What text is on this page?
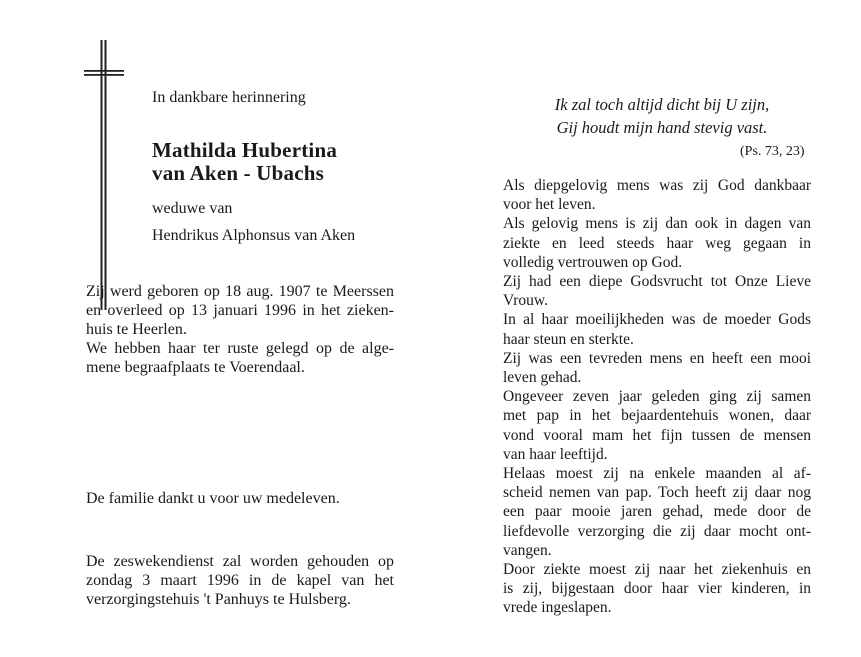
In dankbare herinnering
Mathilda Hubertina
van Aken - Ubachs
weduwe van
Hendrikus Alphonsus van Aken
Zij werd geboren op 18 aug. 1907 te Meerssen
en overleed op 13 januari 1996 in het zieken-
huis te Heerlen.
We hebben haar ter ruste gelegd op de alge-
mene begraafplaats te Voerendaal.
De familie dankt u voor uw medeleven.
De zeswekendienst zal worden gehouden op
zondag 3 maart 1996 in de kapel van het
verzorgingstehuis 't Panhuys te Hulsberg.
Ik zal toch altijd dicht bij U zijn,
Gij houdt mijn hand stevig vast.
(Ps. 73, 23)
Als diepgelovig mens was zij God dankbaar
voor het leven.
Als gelovig mens is zij dan ook in dagen van
ziekte en leed steeds haar weg gegaan in
volledig vertrouwen op God.
Zij had een diepe Godsvrucht tot Onze Lieve
Vrouw.
In al haar moeilijkheden was de moeder Gods
haar steun en sterkte.
Zij was een tevreden mens en heeft een mooi
leven gehad.
Ongeveer zeven jaar geleden ging zij samen
met pap in het bejaardentehuis wonen, daar
vond vooral mam het fijn tussen de mensen
van haar leeftijd.
Helaas moest zij na enkele maanden al af-
scheid nemen van pap. Toch heeft zij daar nog
een paar mooie jaren gehad, mede door de
liefdevolle verzorging die zij daar mocht ont-
vangen.
Door ziekte moest zij naar het ziekenhuis en
is zij, bijgestaan door haar vier kinderen, in
vrede ingeslapen.
